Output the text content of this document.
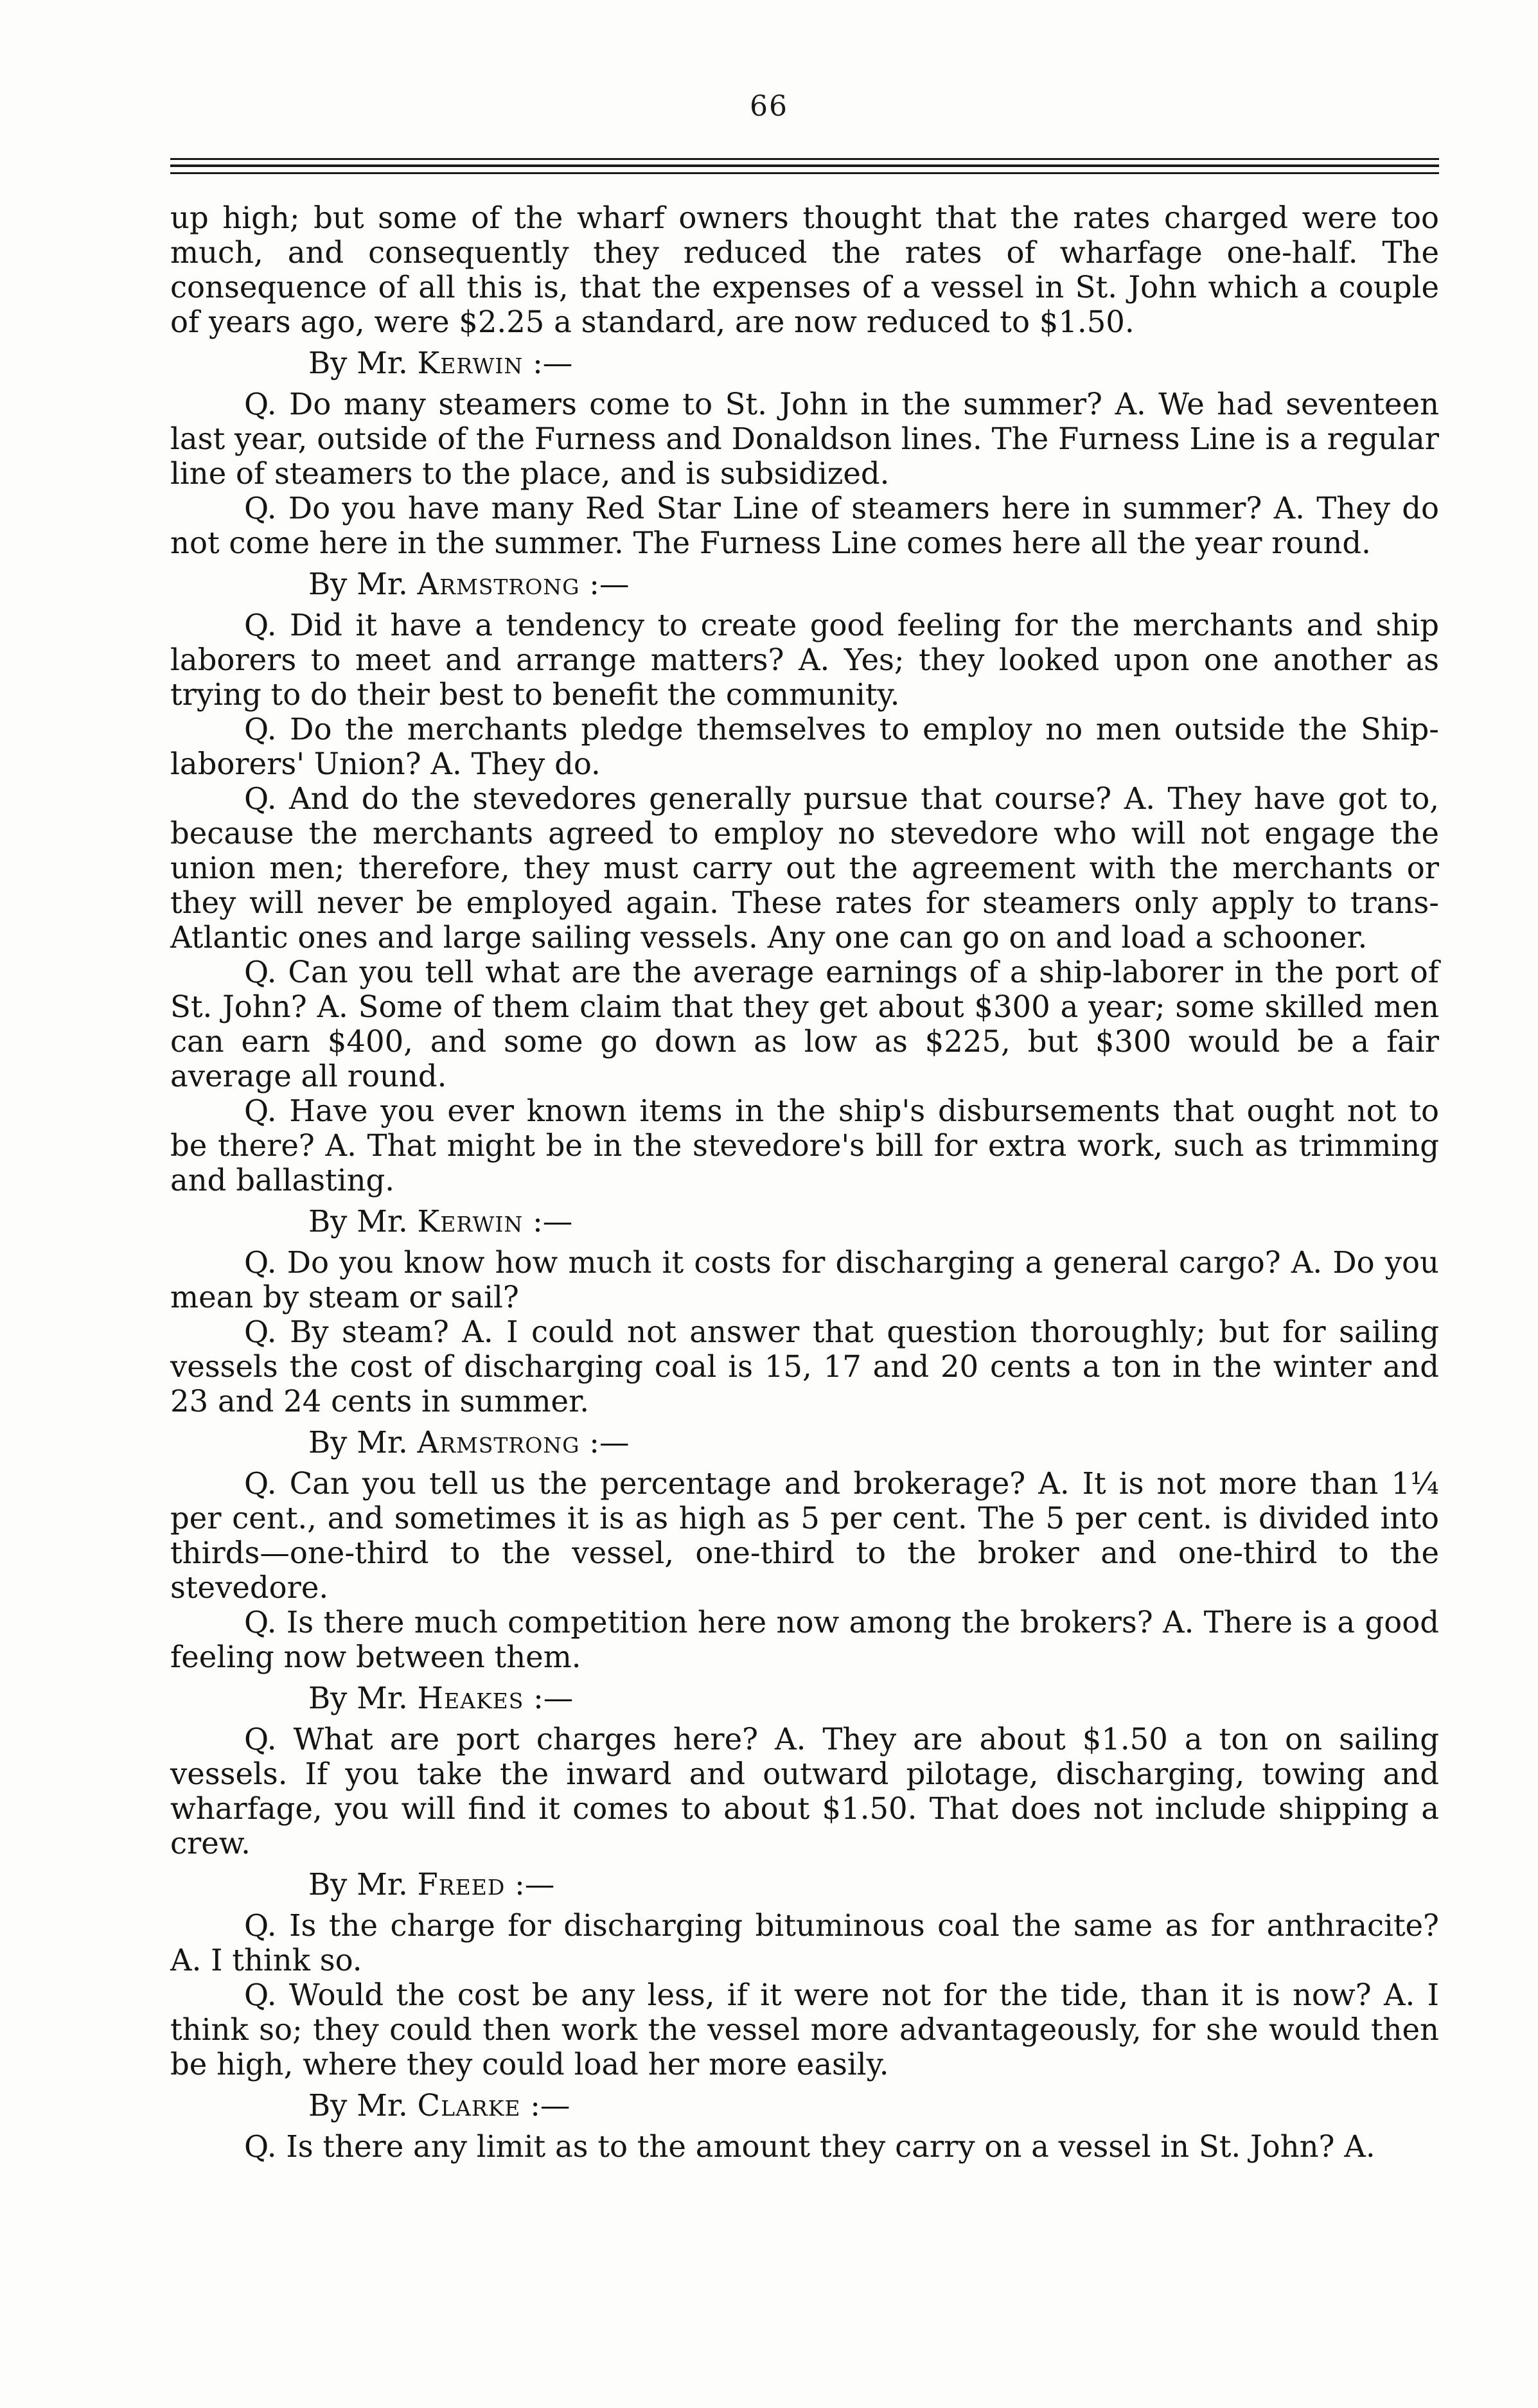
66

up high; but some of the wharf owners thought that the rates charged were too much, and consequently they reduced the rates of wharfage one-half. The consequence of all this is, that the expenses of a vessel in St. John which a couple of years ago, were $2.25 a standard, are now reduced to $1.50.

By Mr. Kerwin :—

Q. Do many steamers come to St. John in the summer? A. We had seventeen last year, outside of the Furness and Donaldson lines. The Furness Line is a regular line of steamers to the place, and is subsidized.

Q. Do you have many Red Star Line of steamers here in summer? A. They do not come here in the summer. The Furness Line comes here all the year round.

By Mr. Armstrong :—

Q. Did it have a tendency to create good feeling for the merchants and ship laborers to meet and arrange matters? A. Yes; they looked upon one another as trying to do their best to benefit the community.

Q. Do the merchants pledge themselves to employ no men outside the Ship-laborers' Union? A. They do.

Q. And do the stevedores generally pursue that course? A. They have got to, because the merchants agreed to employ no stevedore who will not engage the union men; therefore, they must carry out the agreement with the merchants or they will never be employed again. These rates for steamers only apply to trans-Atlantic ones and large sailing vessels. Any one can go on and load a schooner.

Q. Can you tell what are the average earnings of a ship-laborer in the port of St. John? A. Some of them claim that they get about $300 a year; some skilled men can earn $400, and some go down as low as $225, but $300 would be a fair average all round.

Q. Have you ever known items in the ship's disbursements that ought not to be there? A. That might be in the stevedore's bill for extra work, such as trimming and ballasting.

By Mr. Kerwin :—

Q. Do you know how much it costs for discharging a general cargo? A. Do you mean by steam or sail?

Q. By steam? A. I could not answer that question thoroughly; but for sailing vessels the cost of discharging coal is 15, 17 and 20 cents a ton in the winter and 23 and 24 cents in summer.

By Mr. Armstrong :—

Q. Can you tell us the percentage and brokerage? A. It is not more than 1¼ per cent., and sometimes it is as high as 5 per cent. The 5 per cent. is divided into thirds—one-third to the vessel, one-third to the broker and one-third to the stevedore.

Q. Is there much competition here now among the brokers? A. There is a good feeling now between them.

By Mr. Heakes :—

Q. What are port charges here? A. They are about $1.50 a ton on sailing vessels. If you take the inward and outward pilotage, discharging, towing and wharfage, you will find it comes to about $1.50. That does not include shipping a crew.

By Mr. Freed :—

Q. Is the charge for discharging bituminous coal the same as for anthracite? A. I think so.

Q. Would the cost be any less, if it were not for the tide, than it is now? A. I think so; they could then work the vessel more advantageously, for she would then be high, where they could load her more easily.

By Mr. Clarke :—

Q. Is there any limit as to the amount they carry on a vessel in St. John? A.
